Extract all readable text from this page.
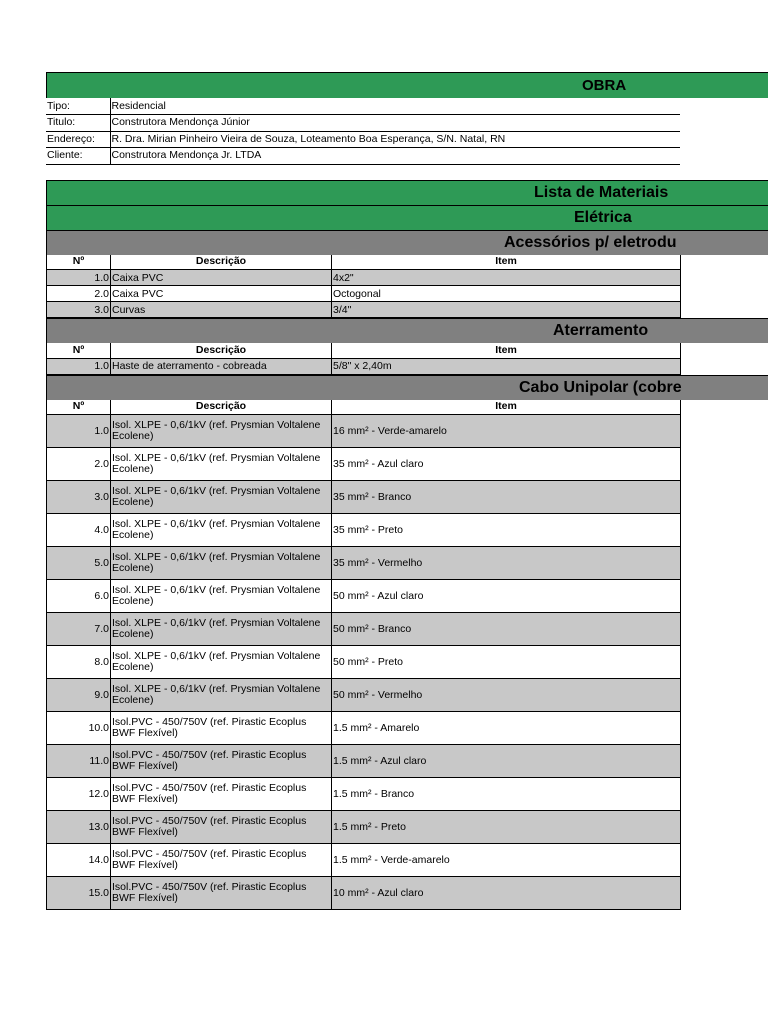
OBRA
Tipo:	Residencial
Titulo:	Construtora Mendonça Júnior
Endereço:	R. Dra. Mirian Pinheiro Vieira de Souza, Loteamento Boa Esperança, S/N. Natal, RN
Cliente:	Construtora Mendonça Jr. LTDA
Lista de Materiais
Elétrica
Acessórios p/ eletrodu
Nº	Descrição	Item
1.0	Caixa PVC	4x2"
2.0	Caixa PVC	Octogonal
3.0	Curvas	3/4"
Aterramento
Nº	Descrição	Item
1.0	Haste de aterramento - cobreada	5/8" x 2,40m
Cabo Unipolar (cobre
Nº	Descrição	Item
1.0	Isol. XLPE - 0,6/1kV (ref. Prysmian Voltalene Ecolene)	16 mm² - Verde-amarelo
2.0	Isol. XLPE - 0,6/1kV (ref. Prysmian Voltalene Ecolene)	35 mm² - Azul claro
3.0	Isol. XLPE - 0,6/1kV (ref. Prysmian Voltalene Ecolene)	35 mm² - Branco
4.0	Isol. XLPE - 0,6/1kV (ref. Prysmian Voltalene Ecolene)	35 mm² - Preto
5.0	Isol. XLPE - 0,6/1kV (ref. Prysmian Voltalene Ecolene)	35 mm² - Vermelho
6.0	Isol. XLPE - 0,6/1kV (ref. Prysmian Voltalene Ecolene)	50 mm² - Azul claro
7.0	Isol. XLPE - 0,6/1kV (ref. Prysmian Voltalene Ecolene)	50 mm² - Branco
8.0	Isol. XLPE - 0,6/1kV (ref. Prysmian Voltalene Ecolene)	50 mm² - Preto
9.0	Isol. XLPE - 0,6/1kV (ref. Prysmian Voltalene Ecolene)	50 mm² - Vermelho
10.0	Isol.PVC - 450/750V (ref. Pirastic Ecoplus BWF Flexível)	1.5 mm² - Amarelo
11.0	Isol.PVC - 450/750V (ref. Pirastic Ecoplus BWF Flexível)	1.5 mm² - Azul claro
12.0	Isol.PVC - 450/750V (ref. Pirastic Ecoplus BWF Flexível)	1.5 mm² - Branco
13.0	Isol.PVC - 450/750V (ref. Pirastic Ecoplus BWF Flexível)	1.5 mm² - Preto
14.0	Isol.PVC - 450/750V (ref. Pirastic Ecoplus BWF Flexível)	1.5 mm² - Verde-amarelo
15.0	Isol.PVC - 450/750V (ref. Pirastic Ecoplus BWF Flexível)	10 mm² - Azul claro
